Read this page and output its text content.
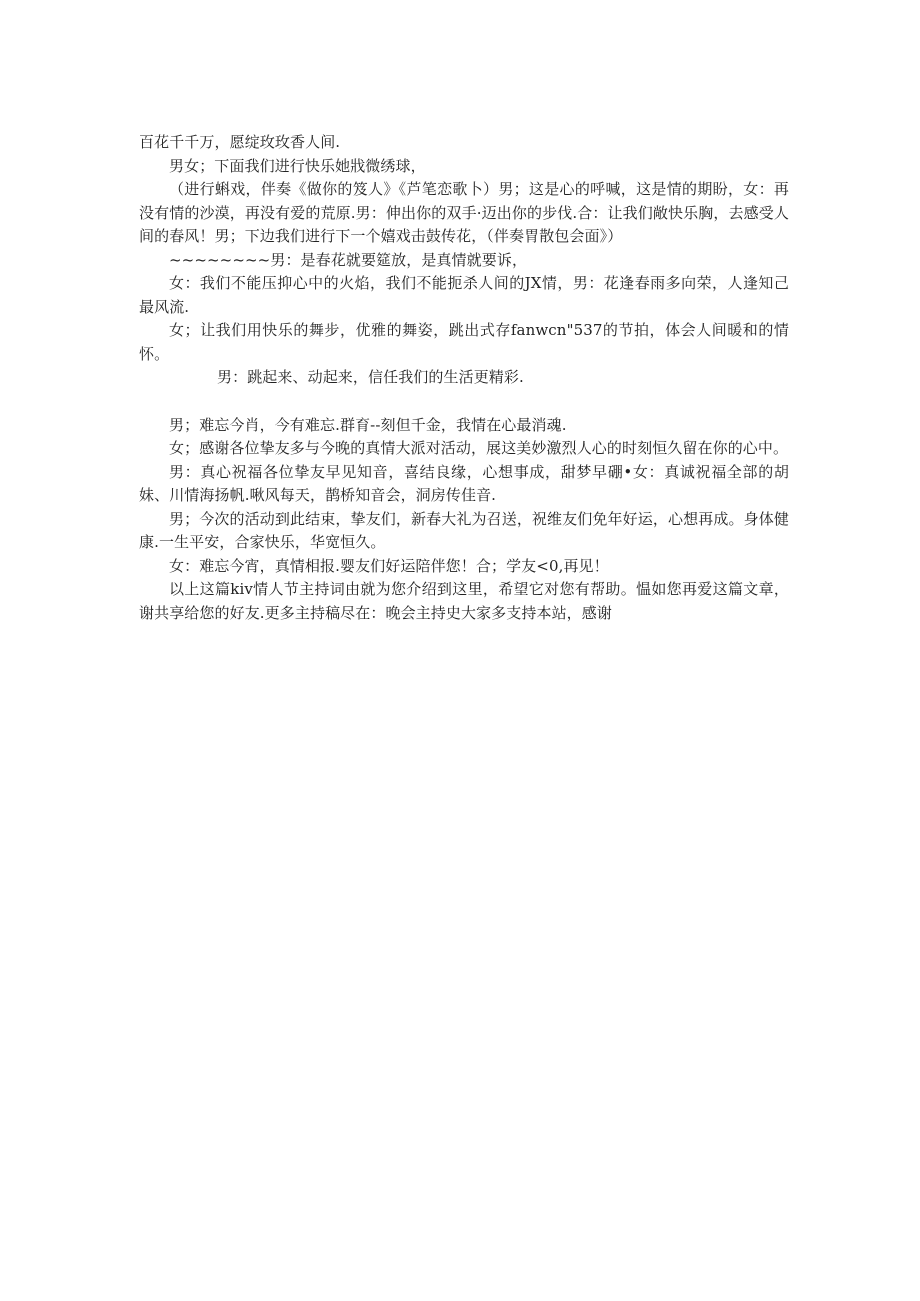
百花千千万，愿绽玫玫香人间.

男女；下面我们进行快乐她戕微绣球，

（进行蝌戏，伴奏《做你的笈人》《芦笔恋歌卜）男；这是心的呼喊，这是情的期盼，女：再没有情的沙漠，再没有爱的荒原.男：伸出你的双手·迈出你的步伐.合：让我们敞快乐胸，去感受人间的春风！男；下边我们进行下一个嬉戏击鼓传花，（伴奏胃散包会面》）

~~~~~~~~男：是春花就要筵放，是真情就要诉，

女：我们不能压抑心中的火焰，我们不能扼杀人间的JX情，男：花逢春雨多向荣，人逢知己最风流.

女；让我们用快乐的舞步，优雅的舞姿，跳出式存fanwcn"537的节拍，体会人间暖和的情怀。

男：跳起来、动起来，信任我们的生活更精彩.

男；难忘今肖，今有难忘.群育--刻但千金，我情在心最消魂.

女；感谢各位挚友多与今晚的真情大派对活动，展这美妙激烈人心的时刻恒久留在你的心中。

男：真心祝福各位挚友早见知音，喜结良缘，心想事成，甜梦早硼•女：真诚祝福全部的胡妹、川情海扬帆.啾风每天，鹊桥知音会，洞房传佳音.

男；今次的活动到此结束，挚友们，新春大礼为召送，祝维友们免年好运，心想再成。身体健康.一生平安，合家快乐，华宽恒久。

女：难忘今宵，真情相报.婴友们好运陪伴您！合；学友<0,再见！

以上这篇kiv情人节主持词由就为您介绍到这里，希望它对您有帮助。愠如您再爱这篇文章，谢共享给您的好友.更多主持稿尽在：晚会主持史大家多支持本站，感谢
